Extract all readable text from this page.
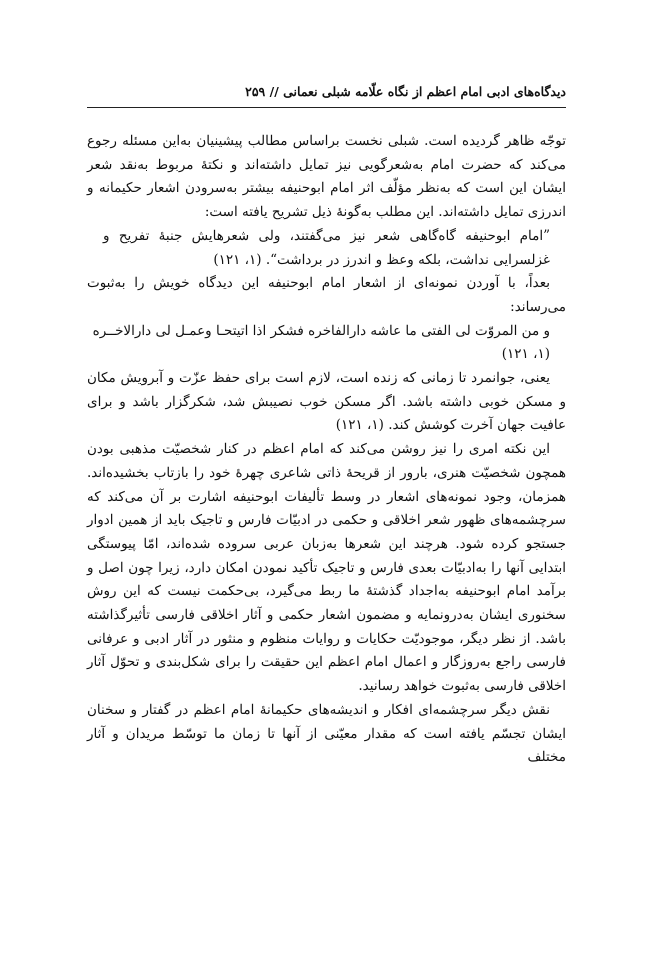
دیدگاه‌های ادبی امام اعظم از نگاه علّامه شبلی نعمانی // ۲۵۹

توجّه ظاهر گردیده است. شبلی نخست براساس مطالب پیشینیان به‌این مسئله رجوع می‌کند که حضرت امام به‌شعرگویی نیز تمایل داشته‌اند و نکتهٔ مربوط به‌نقد شعر ایشان این است که به‌نظر مؤلّف اثر امام ابوحنیفه بیشتر به‌سرودن اشعار حکیمانه و اندرزی تمایل داشته‌اند. این مطلب به‌گونهٔ ذیل تشریح یافته است:

”امام ابوحنیفه گاه‌گاهی شعر نیز می‌گفتند، ولی شعرهایش جنبهٔ تفریح و غزلسرایی نداشت، بلکه وعظ و اندرز در برداشت“. (۱، ۱۲۱)

بعداً، با آوردن نمونه‌ای از اشعار امام ابوحنیفه این دیدگاه خویش را به‌ثبوت می‌رساند:

و من المروّت لی الفتی ما عاشه دارالفاخره فشکر اذا اتیتحـا وعمـل لی دارالاخــره

(۱، ۱۲۱)

یعنی، جوانمرد تا زمانی که زنده است، لازم است برای حفظ عزّت و آبرویش مکان و مسکن خوبی داشته باشد. اگر مسکن خوب نصیبش شد، شکرگزار باشد و برای عافیت جهان آخرت کوشش کند. (۱، ۱۲۱)

این نکته امری را نیز روشن می‌کند که امام اعظم در کنار شخصیّت مذهبی بودن همچون شخصیّت هنری، بارور از قریحهٔ ذاتی شاعری چهرهٔ خود را بازتاب بخشیده‌اند. همزمان، وجود نمونه‌های اشعار در وسط تألیفات ابوحنیفه اشارت بر آن می‌کند که سرچشمه‌های ظهور شعر اخلاقی و حکمی در ادبیّات فارس و تاجیک باید از همین ادوار جستجو کرده شود. هرچند این شعرها به‌زبان عربی سروده شده‌اند، امّا پیوستگی ابتدایی آنها را به‌ادبیّات بعدی فارس و تاجیک تأکید نمودن امکان دارد، زیرا چون اصل و برآمد امام ابوحنیفه به‌اجداد گذشتهٔ ما ربط می‌گیرد، بی‌حکمت نیست که این روش سخنوری ایشان به‌درونمایه و مضمون اشعار حکمی و آثار اخلاقی فارسی تأثیرگذاشته باشد. از نظر دیگر، موجودیّت حکایات و روایات منظوم و منثور در آثار ادبی و عرفانی فارسی راجع به‌روزگار و اعمال امام اعظم این حقیقت را برای شکل‌بندی و تحوّل آثار اخلاقی فارسی به‌ثبوت خواهد رسانید.

نقش دیگر سرچشمه‌ای افکار و اندیشه‌های حکیمانهٔ امام اعظم در گفتار و سخنان ایشان تجسّم یافته است که مقدار معیّنی از آنها تا زمان ما توسّط مریدان و آثار مختلف
